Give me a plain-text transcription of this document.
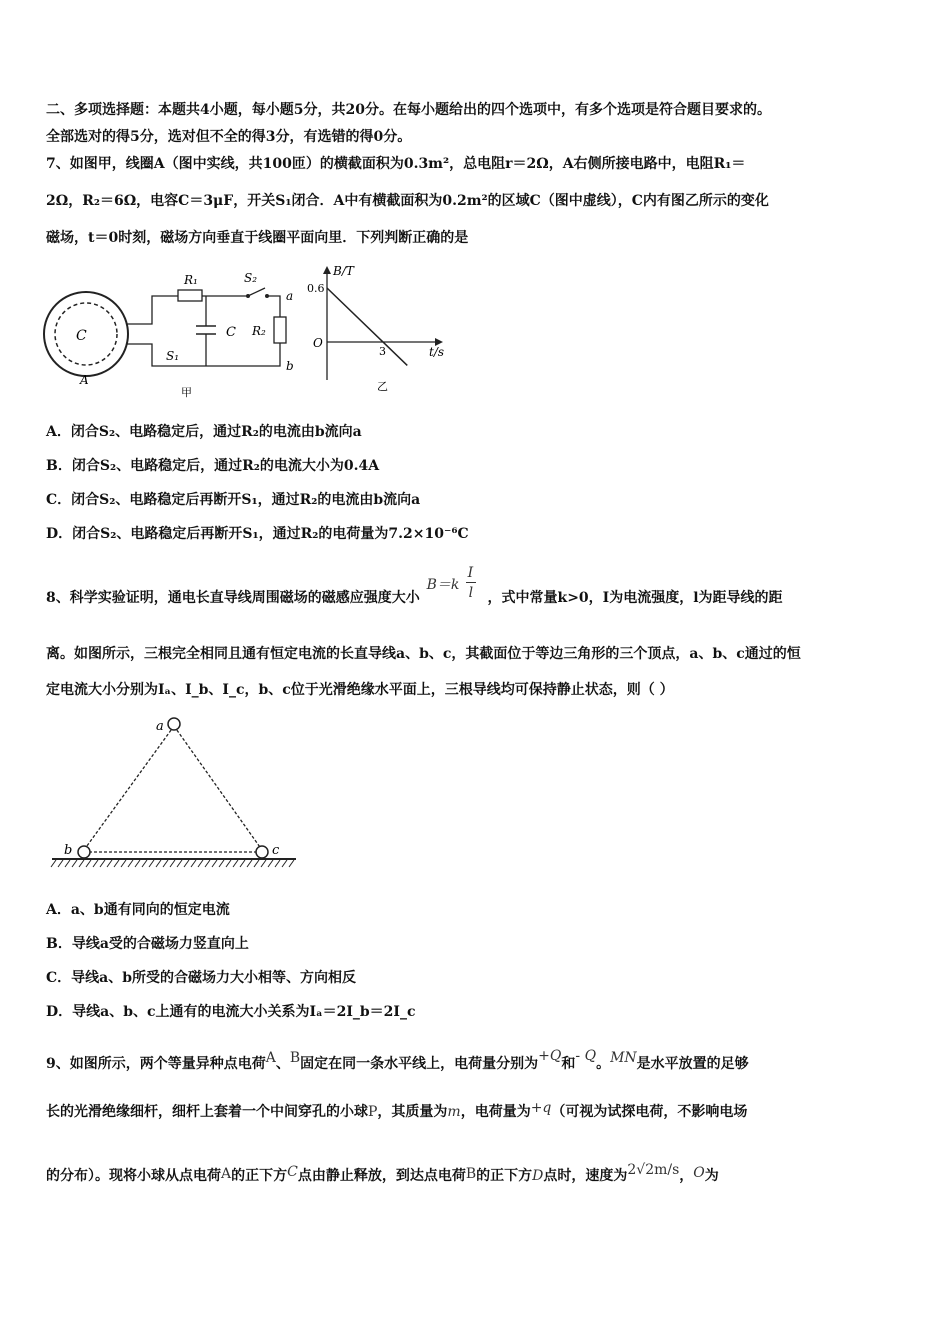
二、多项选择题：本题共4小题，每小题5分，共20分。在每小题给出的四个选项中，有多个选项是符合题目要求的。
全部选对的得5分，选对但不全的得3分，有选错的得0分。
7、如图甲，线圈A（图中实线，共100匝）的横截面积为0.3m²，总电阻r＝2Ω，A右侧所接电路中，电阻R₁＝
2Ω，R₂＝6Ω，电容C＝3μF，开关S₁闭合．A中有横截面积为0.2m²的区域C（图中虚线），C内有图乙所示的变化
磁场，t＝0时刻，磁场方向垂直于线圈平面向里．下列判断正确的是
C
A
R₁	S₂
a
R₂
b
C
S₁
甲
B/T
t/s
O
0.6
3
乙
A．闭合S₂、电路稳定后，通过R₂的电流由b流向a
B．闭合S₂、电路稳定后，通过R₂的电流大小为0.4A
C．闭合S₂、电路稳定后再断开S₁，通过R₂的电流由b流向a
D．闭合S₂、电路稳定后再断开S₁，通过R₂的电荷量为7.2×10⁻⁶C
8、科学实验证明，通电长直导线周围磁场的磁感应强度大小
B＝k
I
l ，式中常量k>0，I为电流强度，l为距导线的距
离。如图所示，三根完全相同且通有恒定电流的长直导线a、b、c，其截面位于等边三角形的三个顶点，a、b、c通过的恒
定电流大小分别为Iₐ、I_b、I_c，b、c位于光滑绝缘水平面上，三根导线均可保持静止状态，则（ ）
a
b	c
A．a、b通有同向的恒定电流
B．导线a受的合磁场力竖直向上
C．导线a、b所受的合磁场力大小相等、方向相反
D．导线a、b、c上通有的电流大小关系为Iₐ＝2I_b＝2I_c
9、如图所示，两个等量异种点电荷A、B固定在同一条水平线上，电荷量分别为+Q和- Q。MN是水平放置的足够
长的光滑绝缘细杆，细杆上套着一个中间穿孔的小球P，其质量为m，电荷量为+q（可视为试探电荷，不影响电场
的分布）。现将小球从点电荷A的正下方C点由静止释放，到达点电荷B的正下方D点时，速度为2√2m/s，O为
